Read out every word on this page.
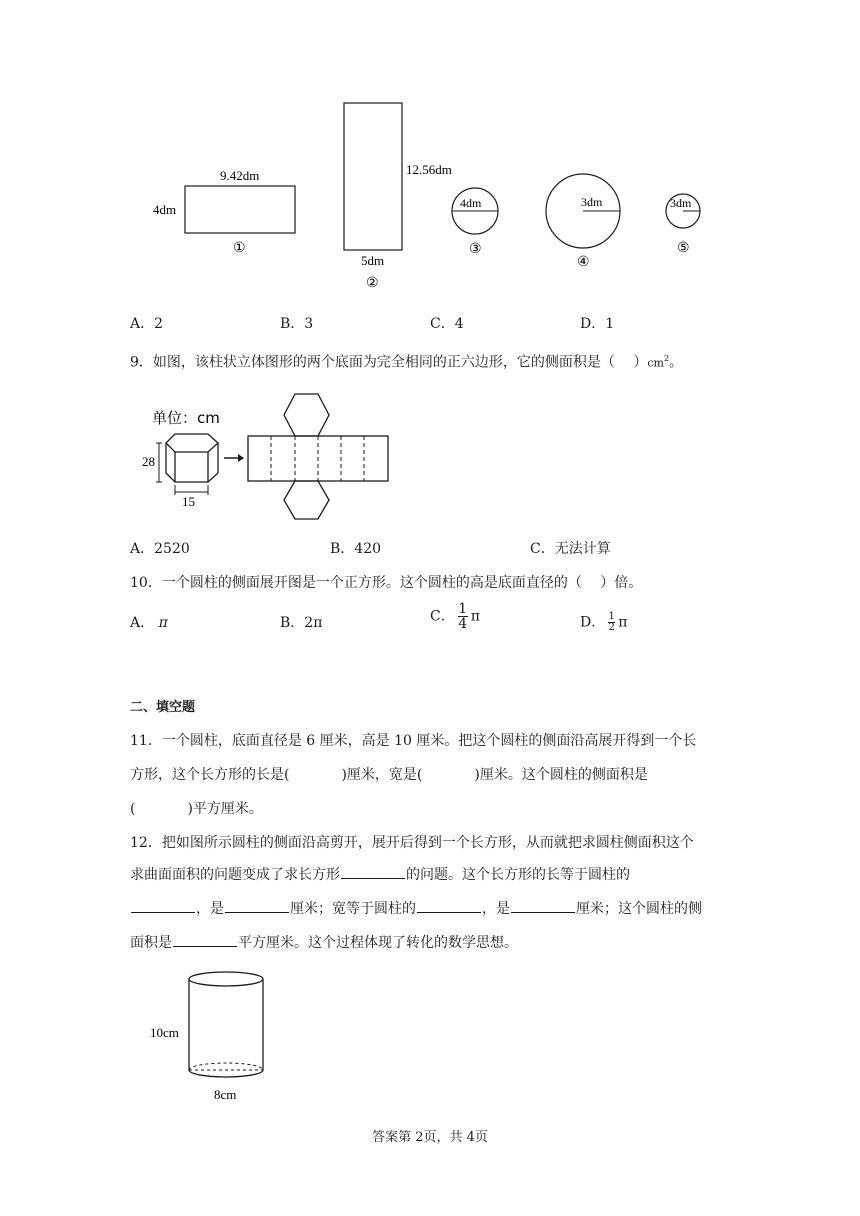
9.42dm
4dm
①
12.56dm
5dm
②
4dm
③
3dm
④
3dm
⑤
A．2	B．3	C．4	D．1
9．如图，该柱状立体图形的两个底面为完全相同的正六边形，它的侧面积是（　 ）$cm^2$。
单位：cm
28
15
A．2520	B．420	C．无法计算
10．一个圆柱的侧面展开图是一个正方形。这个圆柱的高是底面直径的（　 ）倍。
A． π	B．2π	C． $\frac{1}{4}$ π	D． $\frac{1}{2}$ π
二、填空题
11．一个圆柱，底面直径是 6 厘米，高是 10 厘米。把这个圆柱的侧面沿高展开得到一个长
方形，这个长方形的长是(	)厘米，宽是(	)厘米。这个圆柱的侧面积是
(	)平方厘米。
12．把如图所示圆柱的侧面沿高剪开，展开后得到一个长方形，从而就把求圆柱侧面积这个
求曲面面积的问题变成了求长方形	的问题。这个长方形的长等于圆柱的
，是	厘米；宽等于圆柱的	，是	厘米；这个圆柱的侧
面积是	平方厘米。这个过程体现了转化的数学思想。
10cm
8cm
答案第 2页，共 4页
